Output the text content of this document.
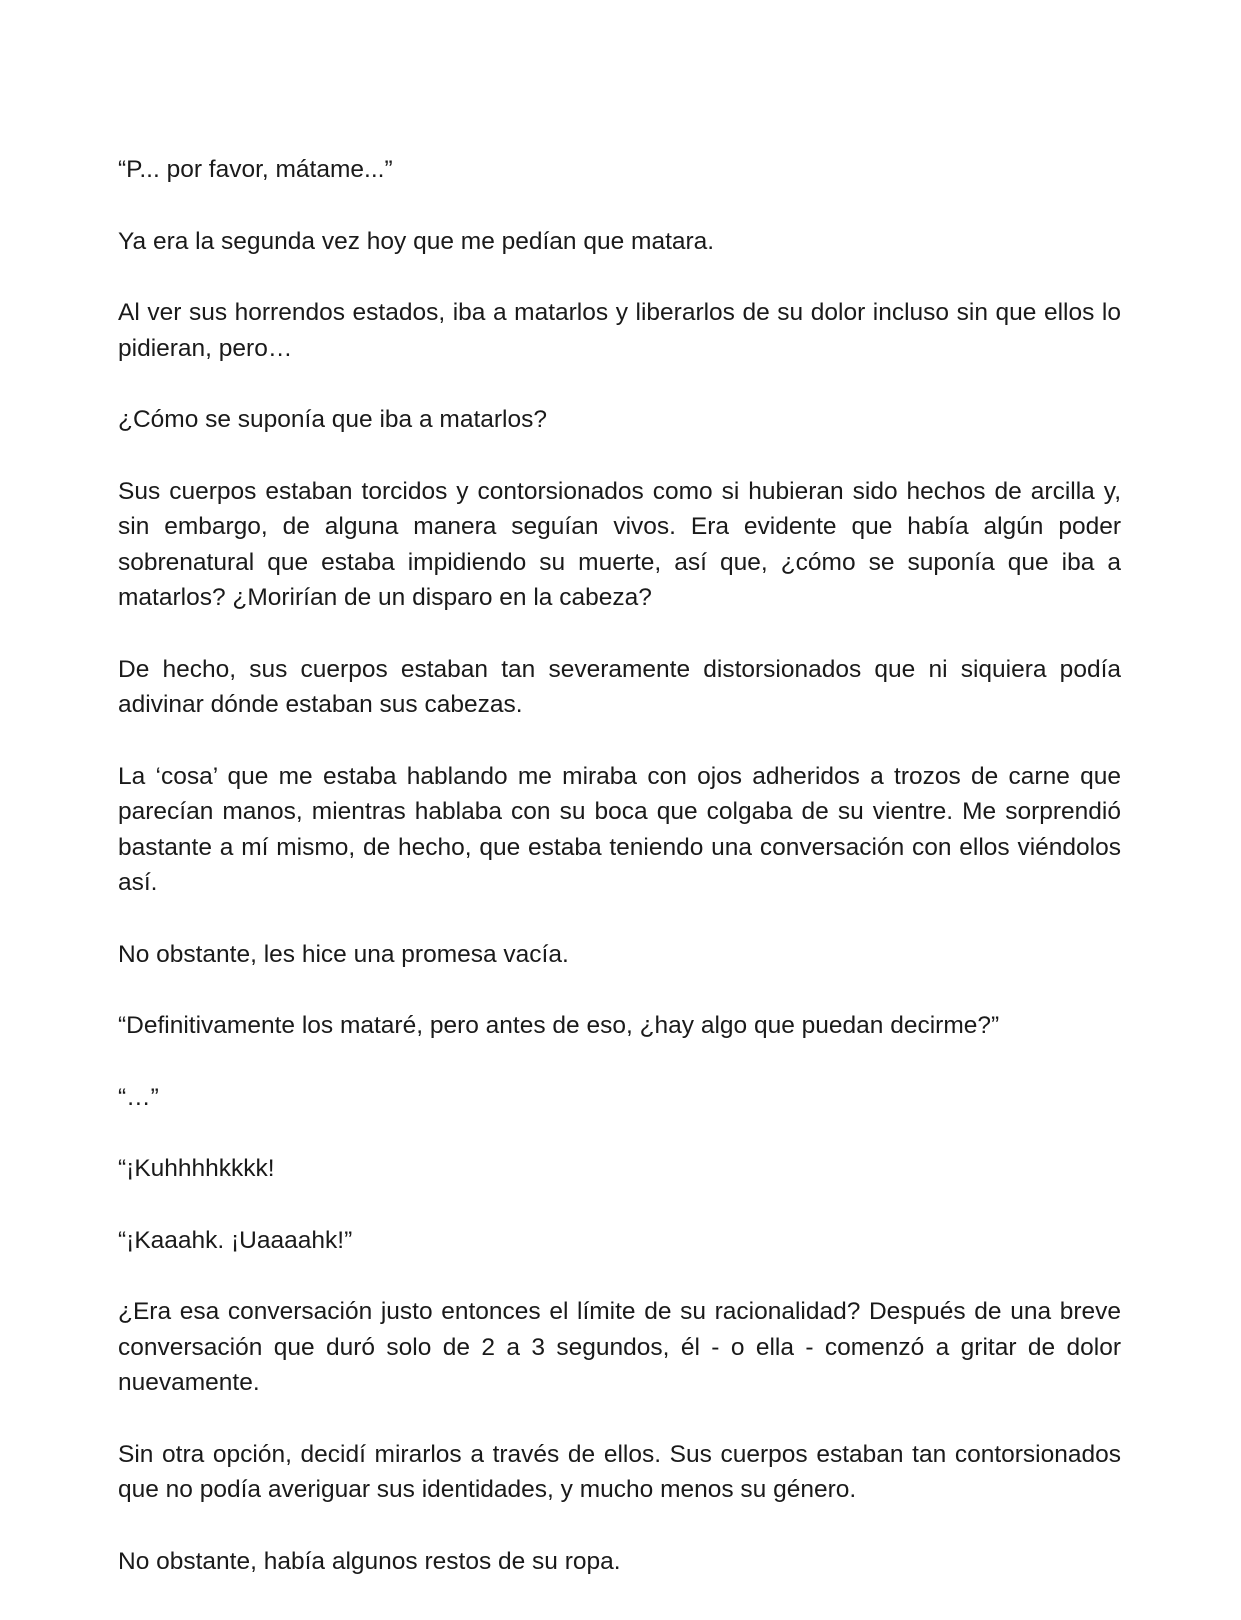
“P... por favor, mátame...”

Ya era la segunda vez hoy que me pedían que matara.

Al ver sus horrendos estados, iba a matarlos y liberarlos de su dolor incluso sin que ellos lo pidieran, pero…

¿Cómo se suponía que iba a matarlos?

Sus cuerpos estaban torcidos y contorsionados como si hubieran sido hechos de arcilla y, sin embargo, de alguna manera seguían vivos. Era evidente que había algún poder sobrenatural que estaba impidiendo su muerte, así que, ¿cómo se suponía que iba a matarlos? ¿Morirían de un disparo en la cabeza?

De hecho, sus cuerpos estaban tan severamente distorsionados que ni siquiera podía adivinar dónde estaban sus cabezas.

La ‘cosa’ que me estaba hablando me miraba con ojos adheridos a trozos de carne que parecían manos, mientras hablaba con su boca que colgaba de su vientre. Me sorprendió bastante a mí mismo, de hecho, que estaba teniendo una conversación con ellos viéndolos así.

No obstante, les hice una promesa vacía.

“Definitivamente los mataré, pero antes de eso, ¿hay algo que puedan decirme?”

“…”

“¡Kuhhhhkkkk!

“¡Kaaahk. ¡Uaaaahk!”

¿Era esa conversación justo entonces el límite de su racionalidad? Después de una breve conversación que duró solo de 2 a 3 segundos, él - o ella - comenzó a gritar de dolor nuevamente.

Sin otra opción, decidí mirarlos a través de ellos. Sus cuerpos estaban tan contorsionados que no podía averiguar sus identidades, y mucho menos su género.

No obstante, había algunos restos de su ropa.
